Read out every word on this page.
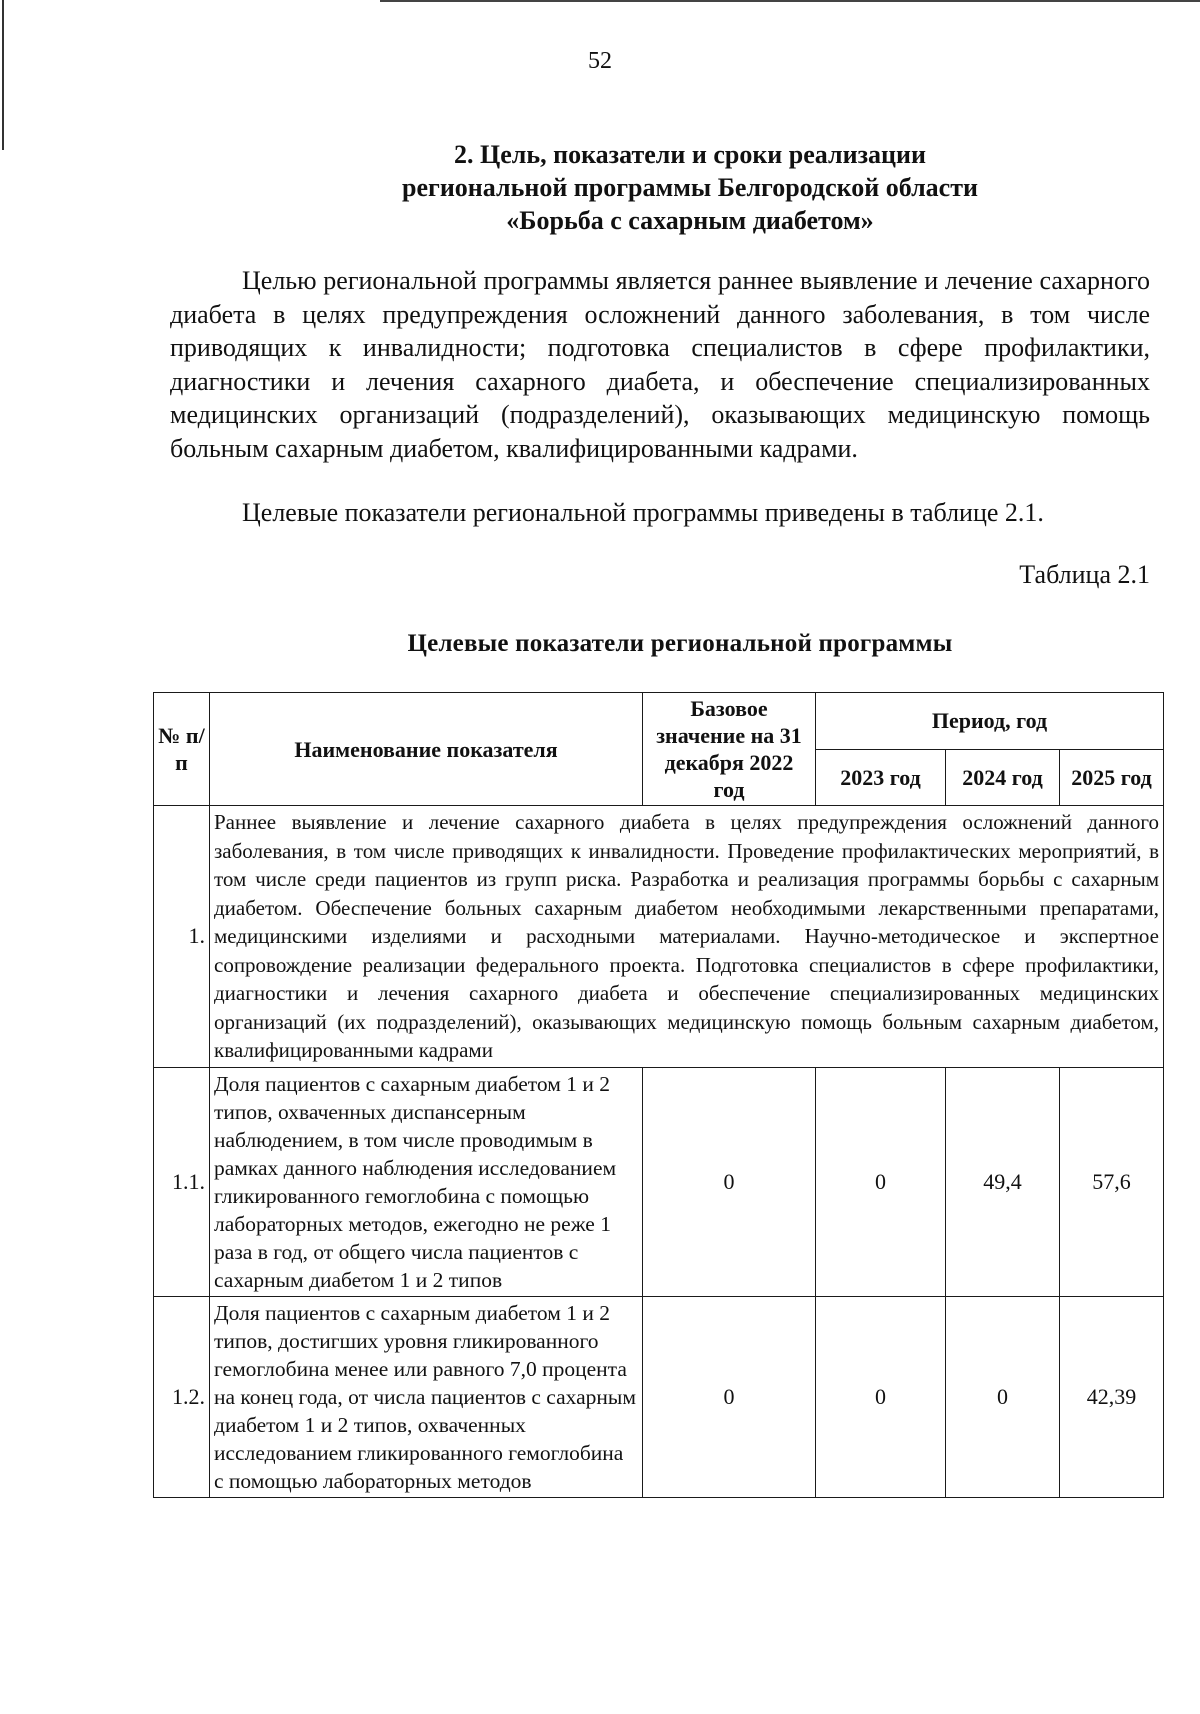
52
2. Цель, показатели и сроки реализации
региональной программы Белгородской области
«Борьба с сахарным диабетом»

Целью региональной программы является раннее выявление и лечение сахарного диабета в целях предупреждения осложнений данного заболевания, в том числе приводящих к инвалидности; подготовка специалистов в сфере профилактики, диагностики и лечения сахарного диабета, и обеспечение специализированных медицинских организаций (подразделений), оказывающих медицинскую помощь больным сахарным диабетом, квалифицированными кадрами.

Целевые показатели региональной программы приведены в таблице 2.1.

Таблица 2.1
Целевые показатели региональной программы
№ п/п	Наименование показателя	Базовое значение на 31 декабря 2022 год	Период, год		
			2023 год	2024 год	2025 год
1.	Раннее выявление и лечение сахарного диабета в целях предупреждения осложнений данного заболевания, в том числе приводящих к инвалидности. Проведение профилактических мероприятий, в том числе среди пациентов из групп риска. Разработка и реализация программы борьбы с сахарным диабетом. Обеспечение больных сахарным диабетом необходимыми лекарственными препаратами, медицинскими изделиями и расходными материалами. Научно-методическое и экспертное сопровождение реализации федерального проекта. Подготовка специалистов в сфере профилактики, диагностики и лечения сахарного диабета и обеспечение специализированных медицинских организаций (их подразделений), оказывающих медицинскую помощь больным сахарным диабетом, квалифицированными кадрами				
1.1.	Доля пациентов с сахарным диабетом 1 и 2 типов, охваченных диспансерным наблюдением, в том числе проводимым в рамках данного наблюдения исследованием гликированного гемоглобина с помощью лабораторных методов, ежегодно не реже 1 раза в год, от общего числа пациентов с сахарным диабетом 1 и 2 типов	0	0	49,4	57,6
1.2.	Доля пациентов с сахарным диабетом 1 и 2 типов, достигших уровня гликированного гемоглобина менее или равного 7,0 процента на конец года, от числа пациентов с сахарным диабетом 1 и 2 типов, охваченных исследованием гликированного гемоглобина с помощью лабораторных методов	0	0	0	42,39
